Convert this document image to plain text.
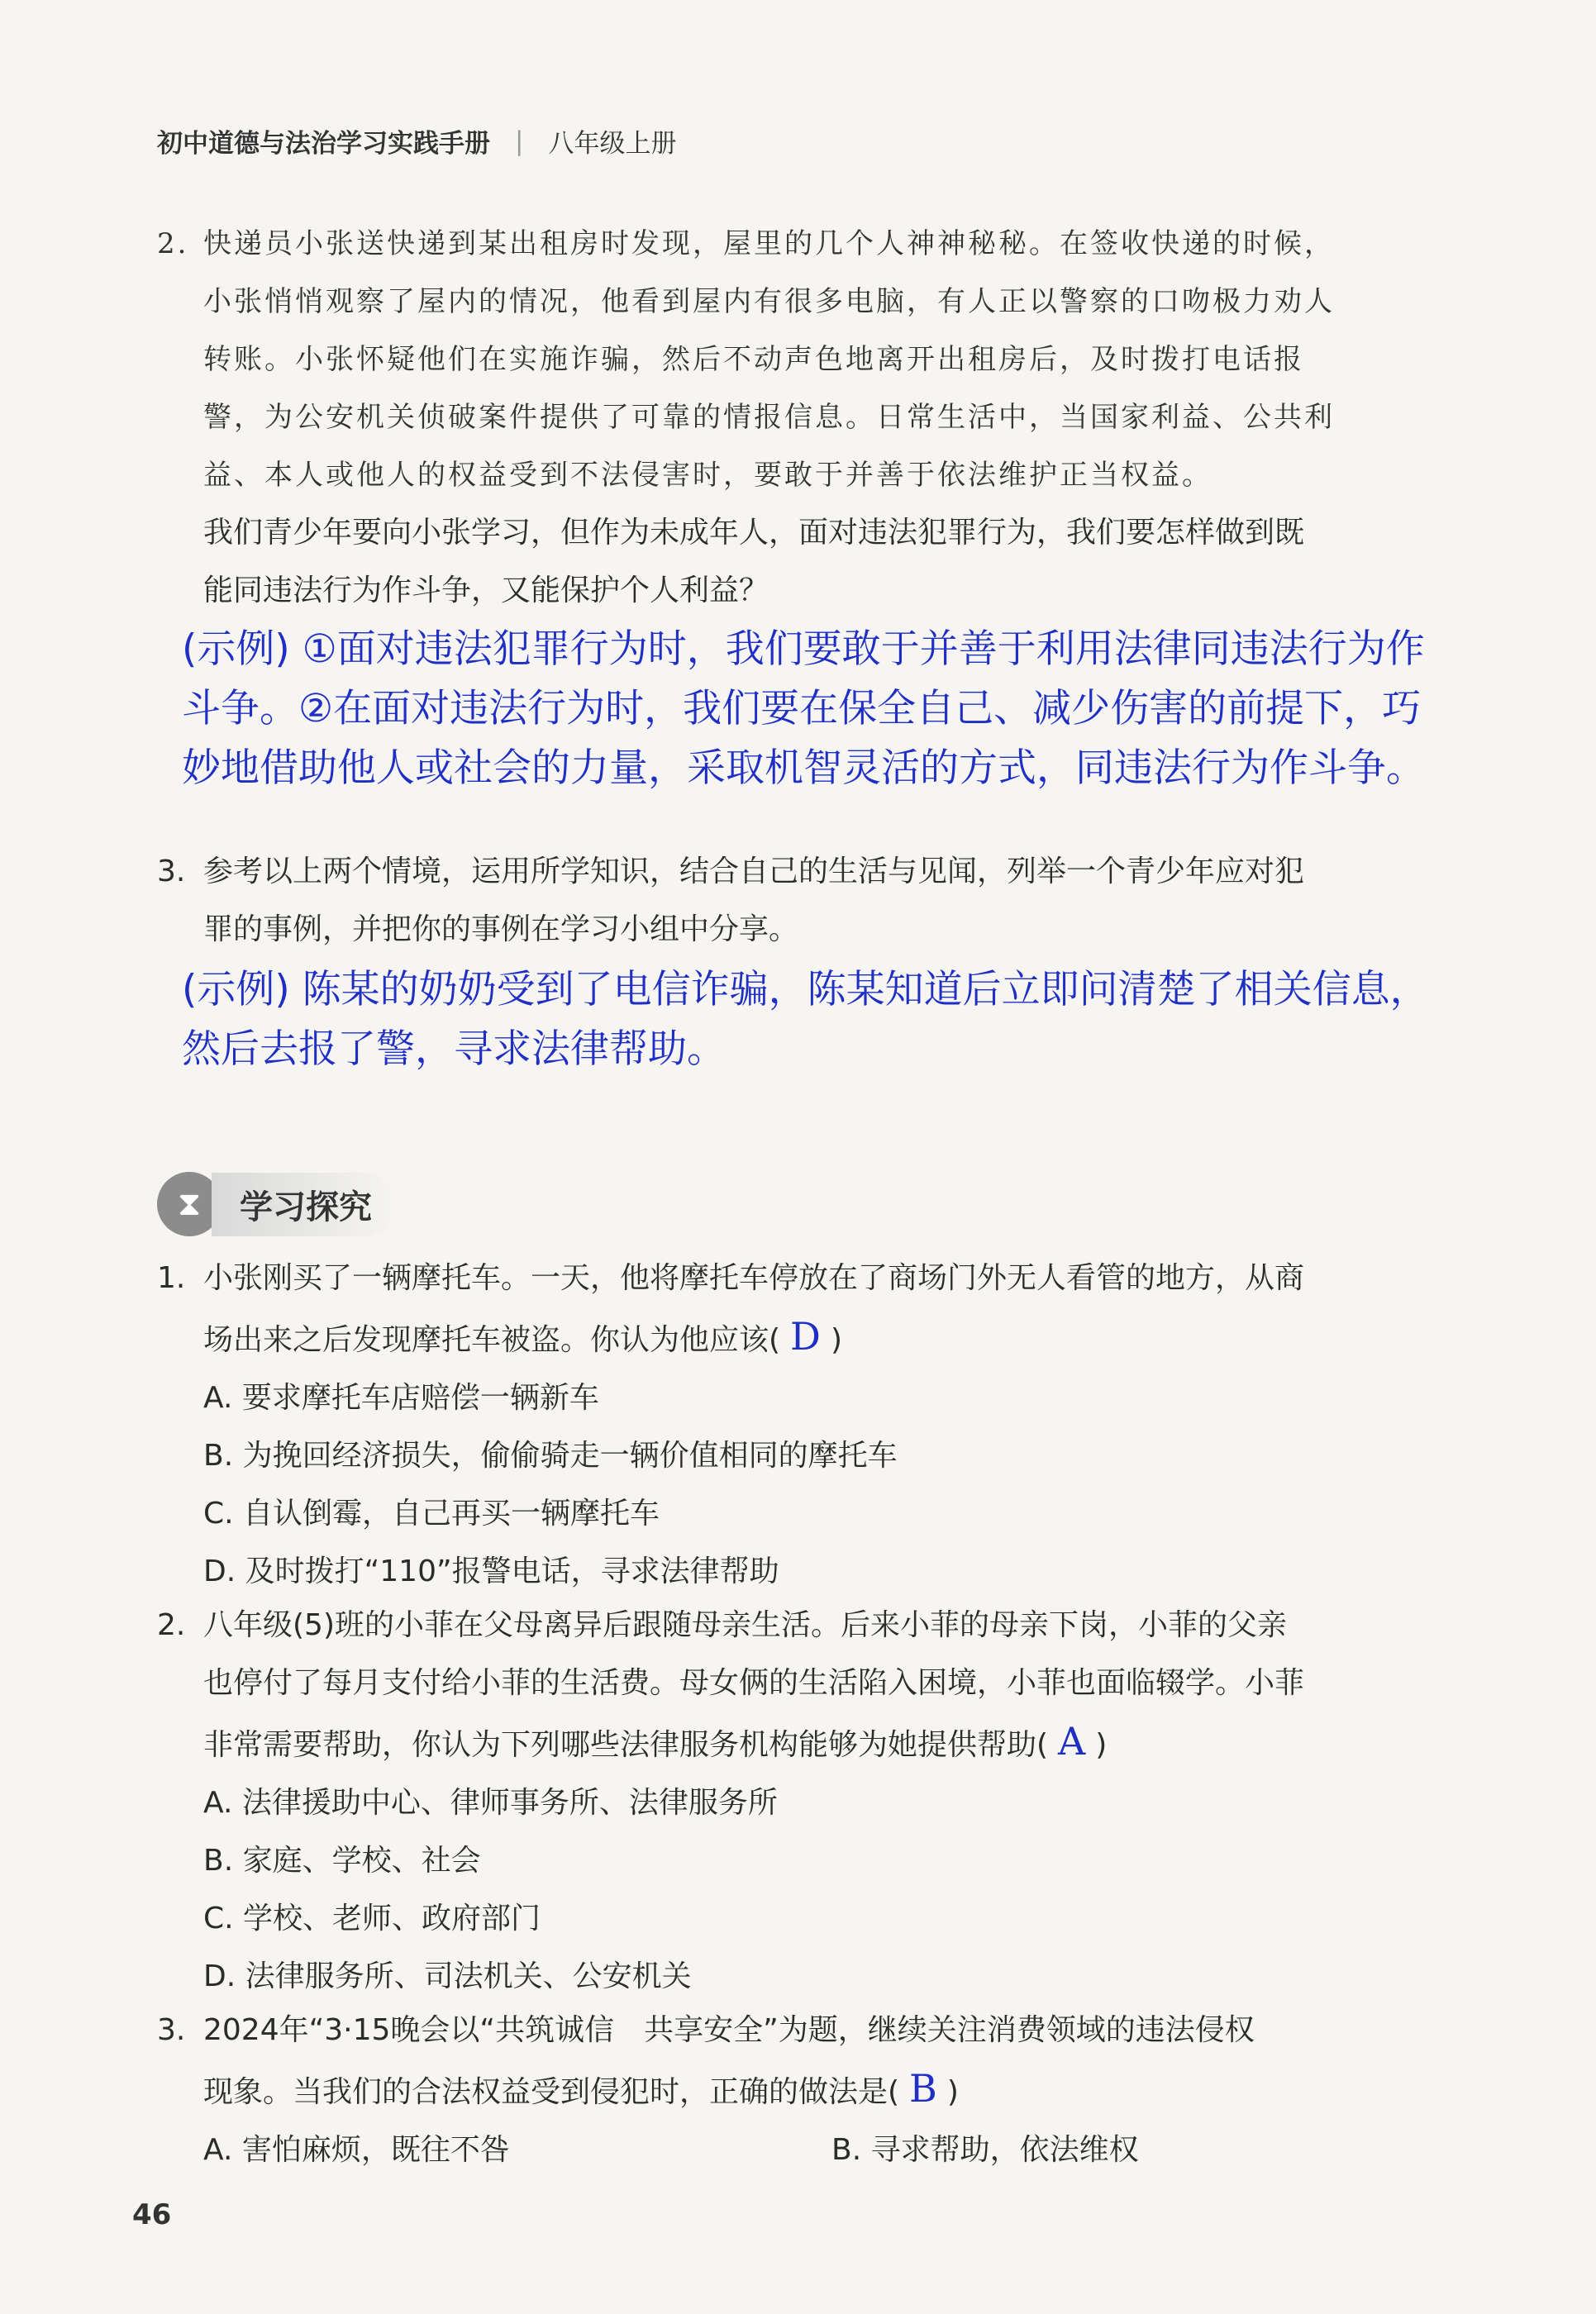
初中道德与法治学习实践手册 | 八年级上册
2. 快递员小张送快递到某出租房时发现，屋里的几个人神神秘秘。在签收快递的时候，
小张悄悄观察了屋内的情况，他看到屋内有很多电脑，有人正以警察的口吻极力劝人
转账。小张怀疑他们在实施诈骗，然后不动声色地离开出租房后，及时拨打电话报
警，为公安机关侦破案件提供了可靠的情报信息。日常生活中，当国家利益、公共利
益、本人或他人的权益受到不法侵害时，要敢于并善于依法维护正当权益。
我们青少年要向小张学习，但作为未成年人，面对违法犯罪行为，我们要怎样做到既
能同违法行为作斗争，又能保护个人利益？
(示例) ①面对违法犯罪行为时，我们要敢于并善于利用法律同违法行为作
斗争。②在面对违法行为时，我们要在保全自己、减少伤害的前提下，巧
妙地借助他人或社会的力量，采取机智灵活的方式，同违法行为作斗争。
3. 参考以上两个情境，运用所学知识，结合自己的生活与见闻，列举一个青少年应对犯
罪的事例，并把你的事例在学习小组中分享。
(示例) 陈某的奶奶受到了电信诈骗，陈某知道后立即问清楚了相关信息，
然后去报了警，寻求法律帮助。
⧗	学习探究
1. 小张刚买了一辆摩托车。一天，他将摩托车停放在了商场门外无人看管的地方，从商
场出来之后发现摩托车被盗。你认为他应该( D )
A. 要求摩托车店赔偿一辆新车
B. 为挽回经济损失，偷偷骑走一辆价值相同的摩托车
C. 自认倒霉，自己再买一辆摩托车
D. 及时拨打“110”报警电话，寻求法律帮助
2. 八年级(5)班的小菲在父母离异后跟随母亲生活。后来小菲的母亲下岗，小菲的父亲
也停付了每月支付给小菲的生活费。母女俩的生活陷入困境，小菲也面临辍学。小菲
非常需要帮助，你认为下列哪些法律服务机构能够为她提供帮助( A )
A. 法律援助中心、律师事务所、法律服务所
B. 家庭、学校、社会
C. 学校、老师、政府部门
D. 法律服务所、司法机关、公安机关
3. 2024年“3·15晚会以“共筑诚信　共享安全”为题，继续关注消费领域的违法侵权
现象。当我们的合法权益受到侵犯时，正确的做法是( B )
A. 害怕麻烦，既往不咎	B. 寻求帮助，依法维权
46
